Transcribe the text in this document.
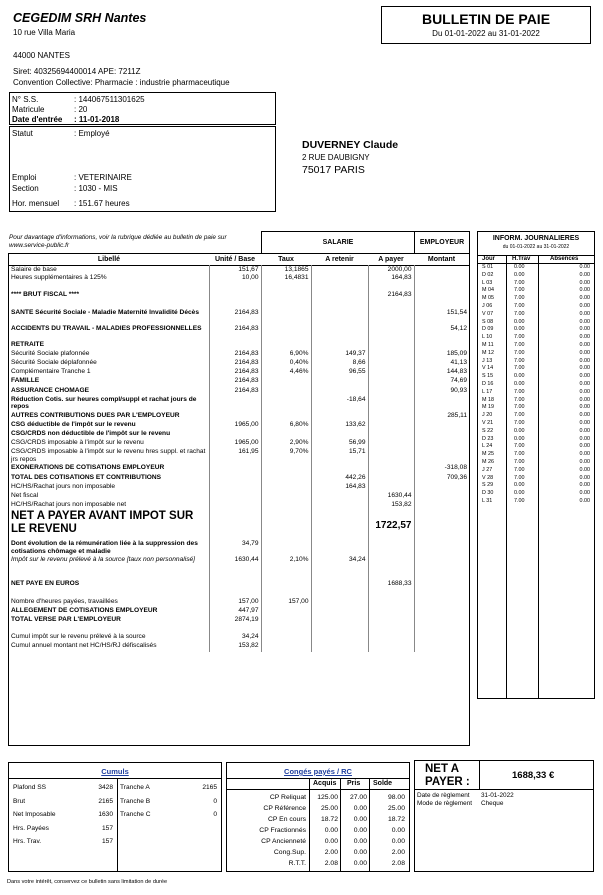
CEGEDIM SRH Nantes
10 rue Villa Maria
44000 NANTES
Siret: 40325694400014 APE: 7211Z
Convention Collective: Pharmacie : industrie pharmaceutique
BULLETIN DE PAIE
Du 01-01-2022 au 31-01-2022
N° S.S.	: 144067511301625
Matricule	: 20
Date d'entrée : 11-01-2018
Statut	: Employé
Emploi	: VETERINAIRE
Section	: 1030 - MIS
Hor. mensuel : 151.67 heures
DUVERNEY Claude
2 RUE DAUBIGNY
75017 PARIS
Pour davantage d'informations, voir la rubrique dédiée au bulletin de paie sur www.service-public.fr	SALARIE	EMPLOYEUR
Libellé	Unité / Base	Taux	A retenir	A payer	Montant
Salaire de base	151,67	13,1865		2000,00	
Heures supplémentaires à 125%	10,00	16,4831		164,83	

**** BRUT FISCAL ****				2164,83	

SANTE Sécurité Sociale - Maladie Maternité Invalidité Décès	2164,83				151,54
ACCIDENTS DU TRAVAIL - MALADIES PROFESSIONNELLES	2164,83				54,12
RETRAITE					
Sécurité Sociale plafonnée	2164,83	6,90%	149,37		185,09
Sécurité Sociale déplafonnée	2164,83	0,40%	8,66		41,13
Complémentaire Tranche 1	2164,83	4,46%	96,55		144,83
FAMILLE	2164,83				74,69
ASSURANCE CHOMAGE	2164,83				90,93
Réduction Cotis. sur heures compl/suppl et rachat jours de repos			-18,64		
AUTRES CONTRIBUTIONS DUES PAR L'EMPLOYEUR					285,11
CSG déductible de l'impôt sur le revenu	1965,00	6,80%	133,62		
CSG/CRDS non déductible de l'impôt sur le revenu					
CSG/CRDS imposable à l'impôt sur le revenu	1965,00	2,90%	56,99		
CSG/CRDS imposable à l'impôt sur le revenu hres suppl. et rachat jrs repos	161,95	9,70%	15,71		
EXONERATIONS DE COTISATIONS EMPLOYEUR					-318,08
TOTAL DES COTISATIONS ET CONTRIBUTIONS			442,26		709,36
HC/HS/Rachat jours non imposable			164,83		
Net fiscal				1630,44	
HC/HS/Rachat jours non imposable net				153,82	
NET A PAYER AVANT IMPOT SUR LE REVENU				1722,57	
Dont évolution de la rémunération liée à la suppression des cotisations chômage et maladie	34,79				
Impôt sur le revenu prélevé à la source [taux non personnalisé]	1630,44	2,10%	34,24		

NET PAYE EN EUROS				1688,33	

Nombre d'heures payées, travaillées	157,00	157,00			
ALLEGEMENT DE COTISATIONS EMPLOYEUR	447,97				
TOTAL VERSE PAR L'EMPLOYEUR	2874,19				

Cumul impôt sur le revenu prélevé à la source	34,24				
Cumul annuel montant net HC/HS/RJ défiscalisés	153,82				
INFORM. JOURNALIERES
du 01-01-2022 au 31-01-2022
Jour	H.Trav	Absences
S 01	0.00	0.00
D 02	0.00	0.00
L 03	7.00	0.00
M 04	7.00	0.00
M 05	7.00	0.00
J 06	7.00	0.00
V 07	7.00	0.00
S 08	0.00	0.00
D 09	0.00	0.00
L 10	7.00	0.00
M 11	7.00	0.00
M 12	7.00	0.00
J 13	7.00	0.00
V 14	7.00	0.00
S 15	0.00	0.00
D 16	0.00	0.00
L 17	7.00	0.00
M 18	7.00	0.00
M 19	7.00	0.00
J 20	7.00	0.00
V 21	7.00	0.00
S 22	0.00	0.00
D 23	0.00	0.00
L 24	7.00	0.00
M 25	7.00	0.00
M 26	7.00	0.00
J 27	7.00	0.00
V 28	7.00	0.00
S 29	0.00	0.00
D 30	0.00	0.00
L 31	7.00	0.00
Cumuls
Plafond SS	3428 Tranche A	2165
Brut	2165 Tranche B	0
Net Imposable	1630 Tranche C	0
Hrs. Payées	157
Hrs. Trav.	157
Congés payés / RC
Acquis Pris Solde
CP Reliquat	125.00	27.00	98.00
CP Référence	25.00	0.00	25.00
CP En cours	18.72	0.00	18.72
CP Fractionnés	0.00	0.00	0.00
CP Ancienneté	0.00	0.00	0.00
Cong.Sup.	2.00	0.00	2.00
R.T.T.	2.08	0.00	2.08
NET A
PAYER :
1688,33 €
Date de règlement 31-01-2022
Mode de règlement Cheque
Dans votre intérêt, conservez ce bulletin sans limitation de durée
